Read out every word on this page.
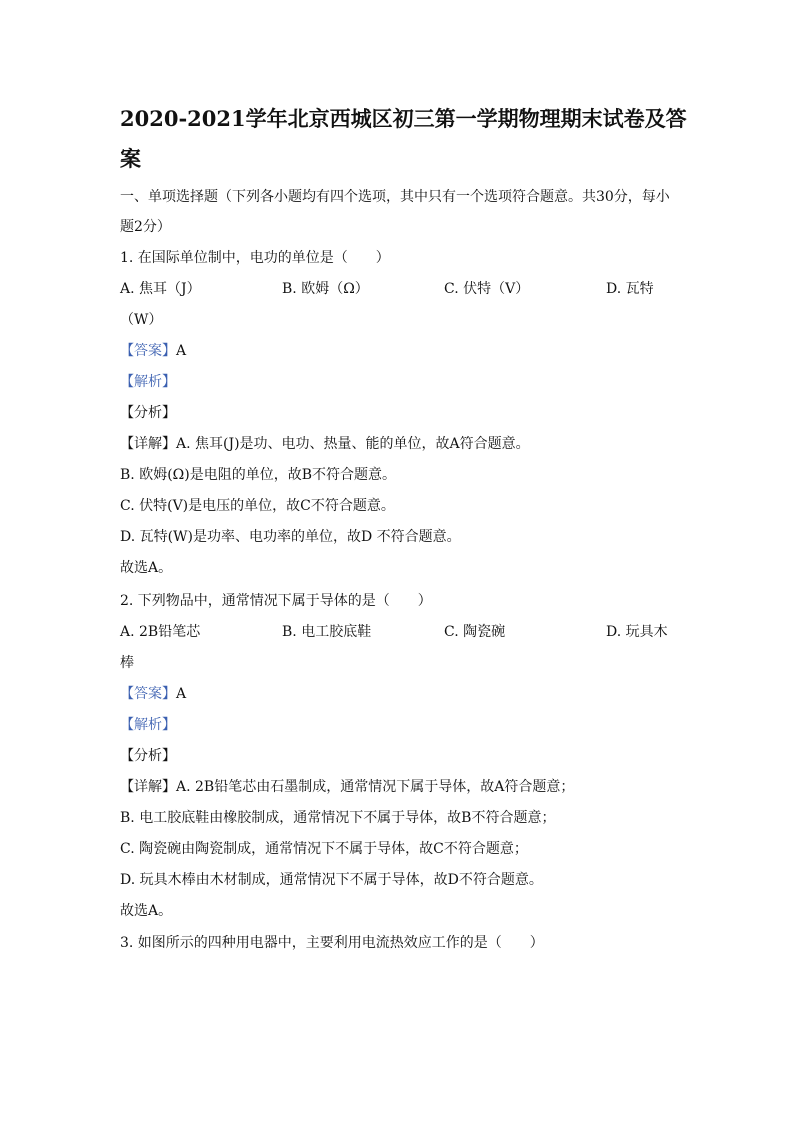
2020-2021学年北京西城区初三第一学期物理期末试卷及答
案
一、单项选择题（下列各小题均有四个选项，其中只有一个选项符合题意。共30分，每小
题2分）
1. 在国际单位制中，电功的单位是（　　）
A. 焦耳（J）	B. 欧姆（Ω）	C. 伏特（V）	D. 瓦特
（W）
【答案】A
【解析】
【分析】
【详解】A. 焦耳(J)是功、电功、热量、能的单位，故A符合题意。
B. 欧姆(Ω)是电阻的单位，故B不符合题意。
C. 伏特(V)是电压的单位，故C不符合题意。
D. 瓦特(W)是功率、电功率的单位，故D 不符合题意。
故选A。
2. 下列物品中，通常情况下属于导体的是（　　）
A. 2B铅笔芯	B. 电工胶底鞋	C. 陶瓷碗	D. 玩具木
棒
【答案】A
【解析】
【分析】
【详解】A. 2B铅笔芯由石墨制成，通常情况下属于导体，故A符合题意；
B. 电工胶底鞋由橡胶制成，通常情况下不属于导体，故B不符合题意；
C. 陶瓷碗由陶瓷制成，通常情况下不属于导体，故C不符合题意；
D. 玩具木棒由木材制成，通常情况下不属于导体，故D不符合题意。
故选A。
3. 如图所示的四种用电器中，主要利用电流热效应工作的是（　　）
